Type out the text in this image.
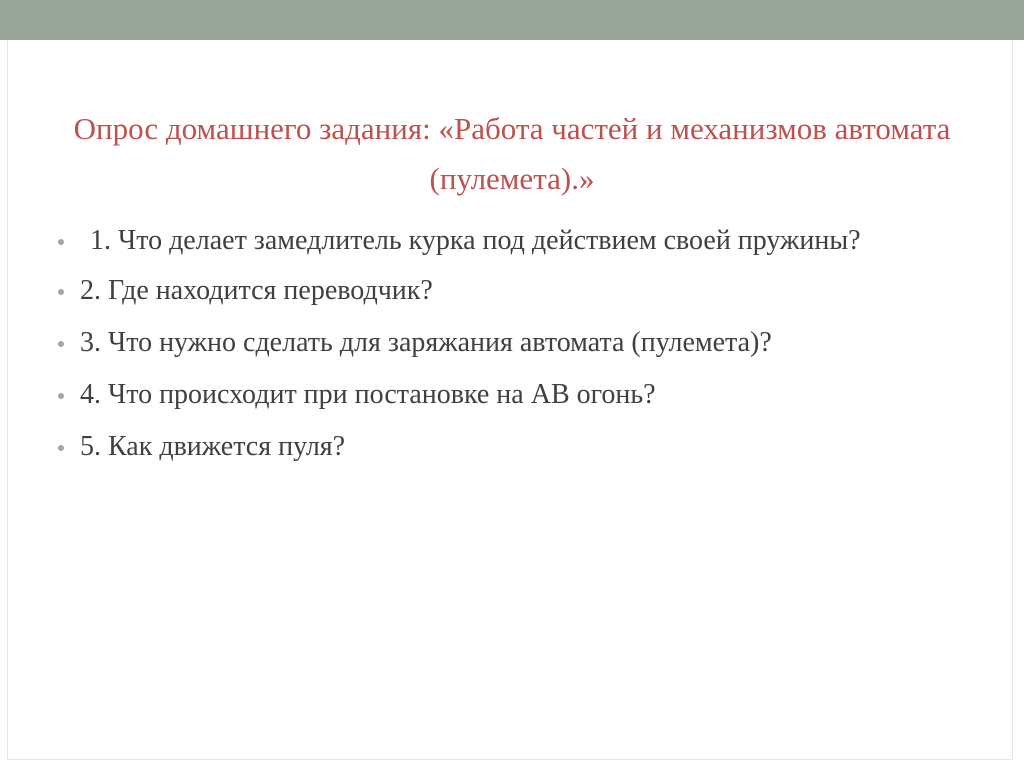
Опрос домашнего задания: «Работа частей и механизмов автомата (пулемета).»
1. Что делает замедлитель курка под действием своей пружины?
2. Где находится переводчик?
3. Что нужно сделать для заряжания автомата (пулемета)?
4. Что происходит при постановке на АВ огонь?
5. Как движется пуля?
